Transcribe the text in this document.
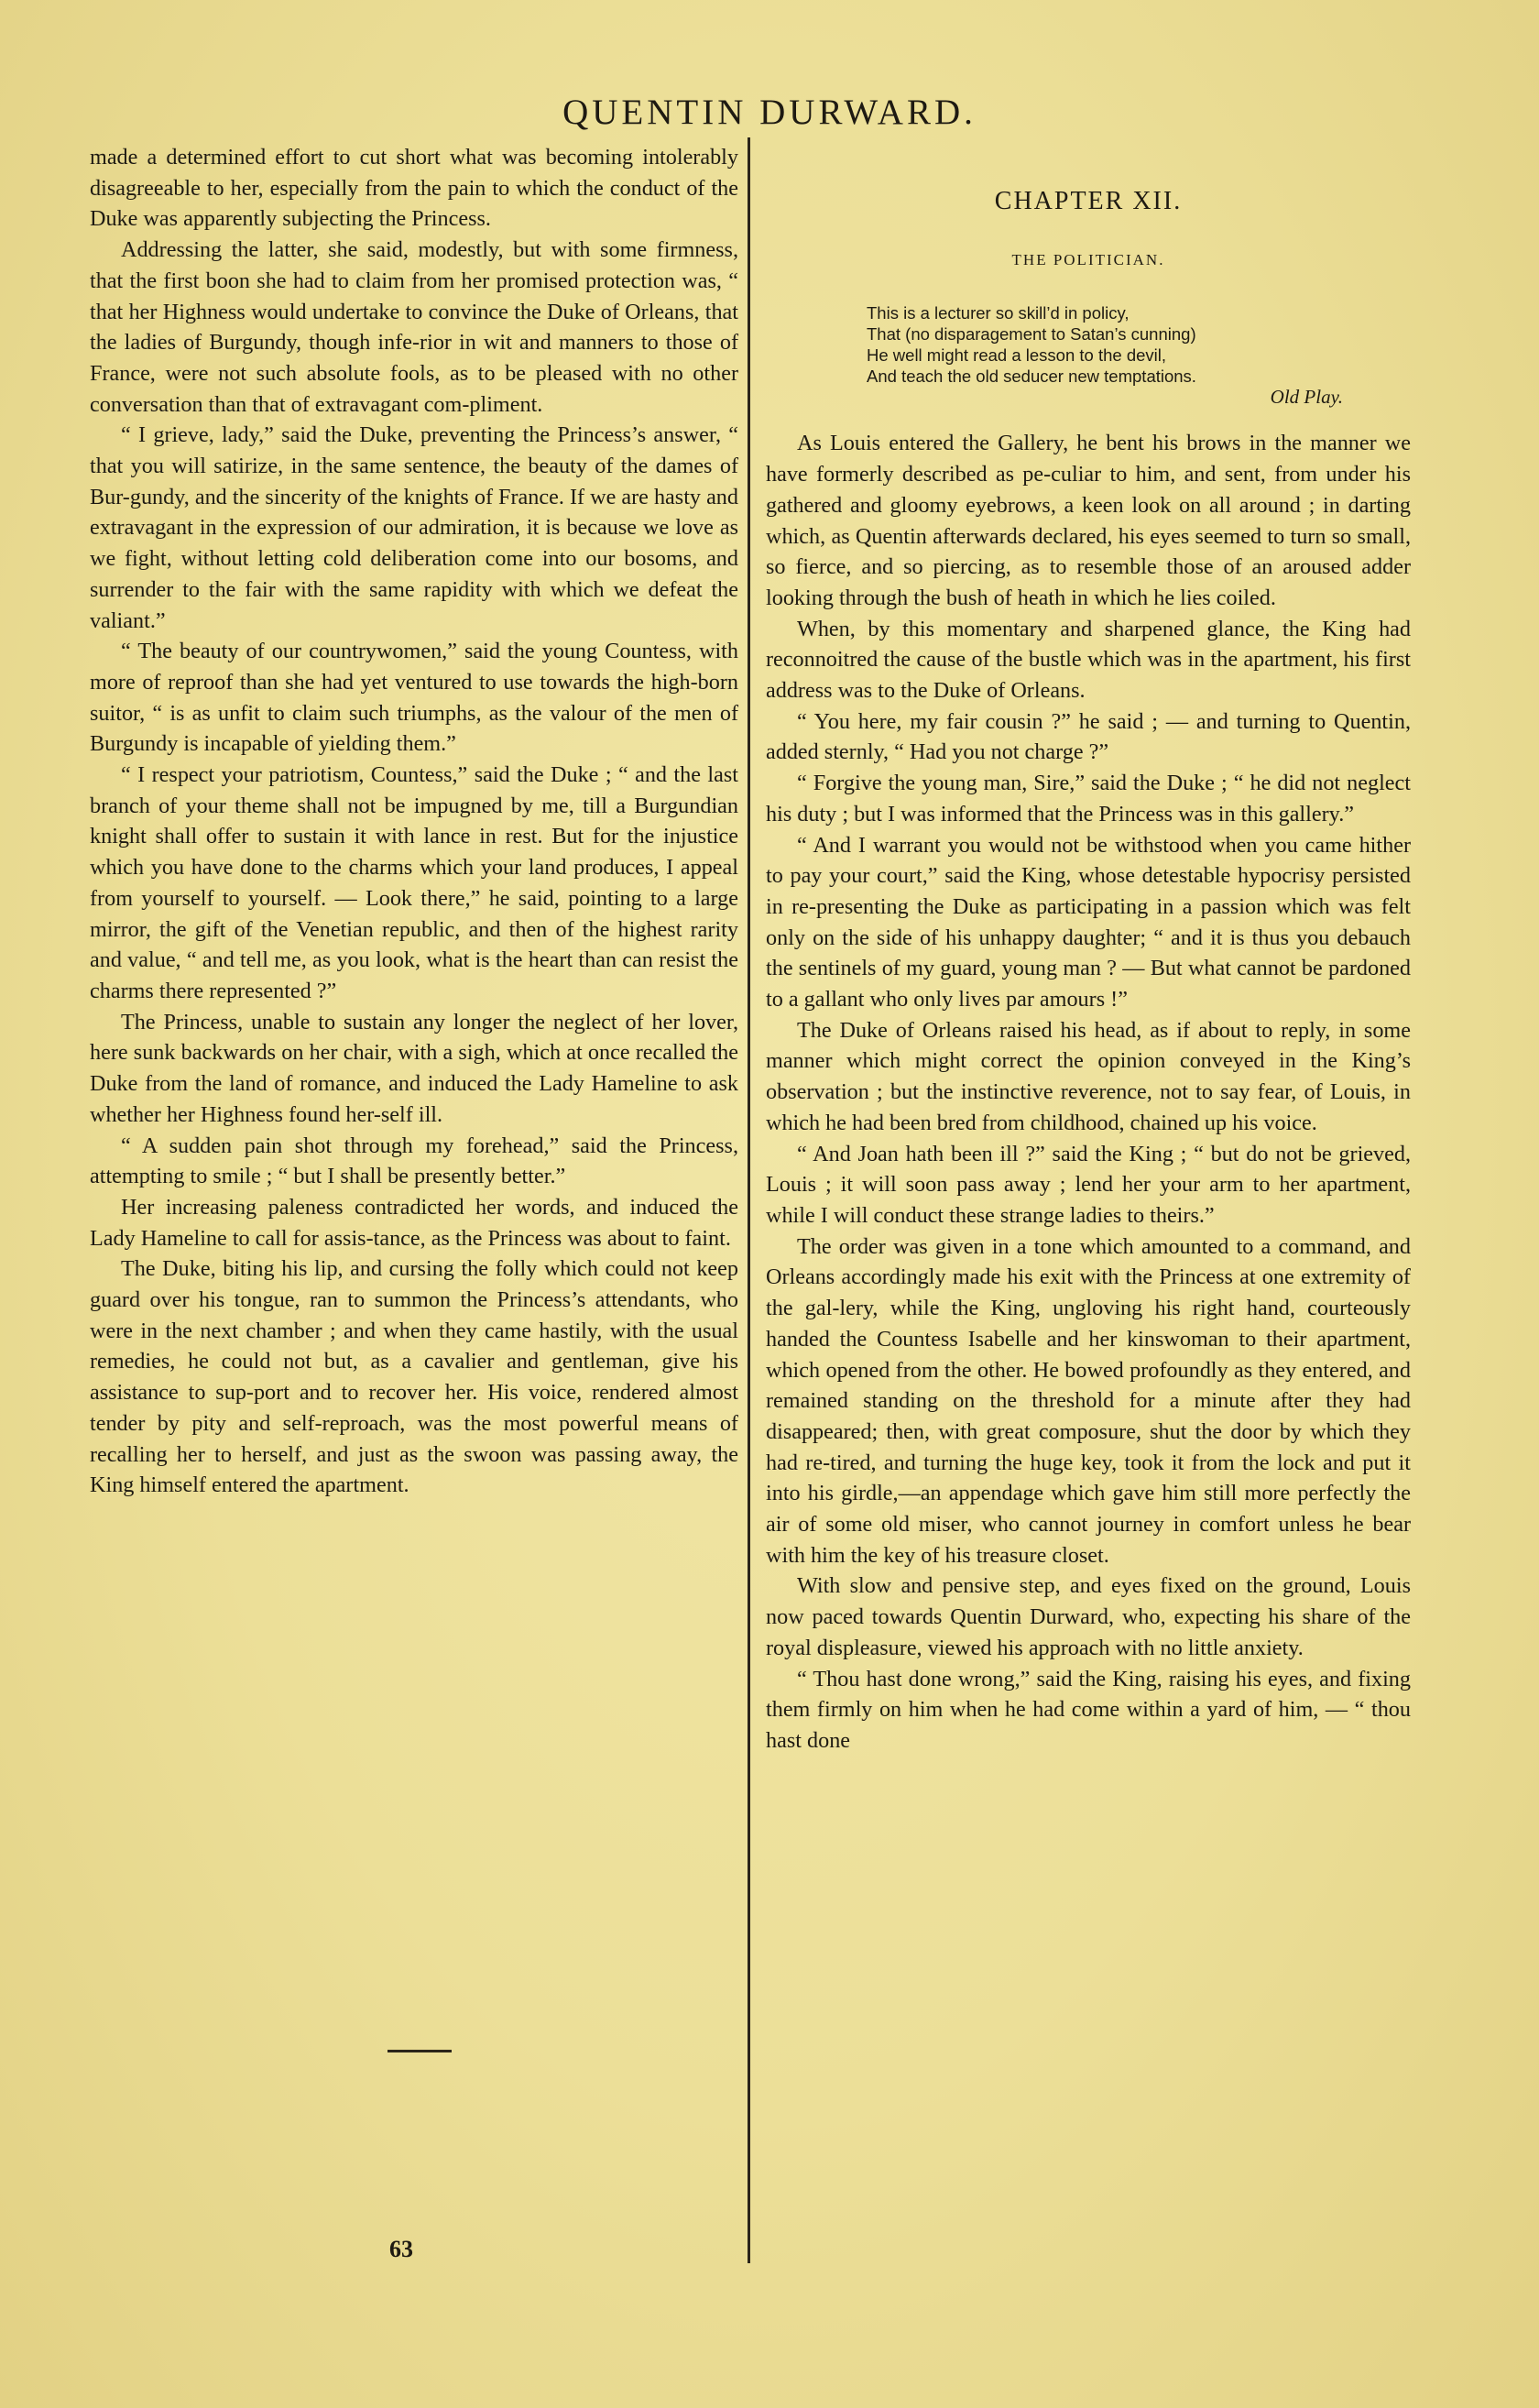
QUENTIN DURWARD.

made a determined effort to cut short what was becoming intolerably disagreeable to her, especially from the pain to which the conduct of the Duke was apparently subjecting the Princess.

Addressing the latter, she said, modestly, but with some firmness, that the first boon she had to claim from her promised protection was, “ that her Highness would undertake to convince the Duke of Orleans, that the ladies of Burgundy, though infe-rior in wit and manners to those of France, were not such absolute fools, as to be pleased with no other conversation than that of extravagant com-pliment.

“ I grieve, lady,” said the Duke, preventing the Princess’s answer, “ that you will satirize, in the same sentence, the beauty of the dames of Bur-gundy, and the sincerity of the knights of France. If we are hasty and extravagant in the expression of our admiration, it is because we love as we fight, without letting cold deliberation come into our bosoms, and surrender to the fair with the same rapidity with which we defeat the valiant.”

“ The beauty of our countrywomen,” said the young Countess, with more of reproof than she had yet ventured to use towards the high-born suitor, “ is as unfit to claim such triumphs, as the valour of the men of Burgundy is incapable of yielding them.”

“ I respect your patriotism, Countess,” said the Duke ; “ and the last branch of your theme shall not be impugned by me, till a Burgundian knight shall offer to sustain it with lance in rest. But for the injustice which you have done to the charms which your land produces, I appeal from yourself to yourself. — Look there,” he said, pointing to a large mirror, the gift of the Venetian republic, and then of the highest rarity and value, “ and tell me, as you look, what is the heart than can resist the charms there represented ?”

The Princess, unable to sustain any longer the neglect of her lover, here sunk backwards on her chair, with a sigh, which at once recalled the Duke from the land of romance, and induced the Lady Hameline to ask whether her Highness found her-self ill.

“ A sudden pain shot through my forehead,” said the Princess, attempting to smile ; “ but I shall be presently better.”

Her increasing paleness contradicted her words, and induced the Lady Hameline to call for assis-tance, as the Princess was about to faint.

The Duke, biting his lip, and cursing the folly which could not keep guard over his tongue, ran to summon the Princess’s attendants, who were in the next chamber ; and when they came hastily, with the usual remedies, he could not but, as a cavalier and gentleman, give his assistance to sup-port and to recover her. His voice, rendered almost tender by pity and self-reproach, was the most powerful means of recalling her to herself, and just as the swoon was passing away, the King himself entered the apartment.

CHAPTER XII.
THE POLITICIAN.
This is a lecturer so skill’d in policy,
That (no disparagement to Satan’s cunning)
He well might read a lesson to the devil,
And teach the old seducer new temptations.
Old Play.

As Louis entered the Gallery, he bent his brows in the manner we have formerly described as pe-culiar to him, and sent, from under his gathered and gloomy eyebrows, a keen look on all around ; in darting which, as Quentin afterwards declared, his eyes seemed to turn so small, so fierce, and so piercing, as to resemble those of an aroused adder looking through the bush of heath in which he lies coiled.

When, by this momentary and sharpened glance, the King had reconnoitred the cause of the bustle which was in the apartment, his first address was to the Duke of Orleans.

“ You here, my fair cousin ?” he said ; — and turning to Quentin, added sternly, “ Had you not charge ?”

“ Forgive the young man, Sire,” said the Duke ; “ he did not neglect his duty ; but I was informed that the Princess was in this gallery.”

“ And I warrant you would not be withstood when you came hither to pay your court,” said the King, whose detestable hypocrisy persisted in re-presenting the Duke as participating in a passion which was felt only on the side of his unhappy daughter; “ and it is thus you debauch the sentinels of my guard, young man ? — But what cannot be pardoned to a gallant who only lives par amours !”

The Duke of Orleans raised his head, as if about to reply, in some manner which might correct the opinion conveyed in the King’s observation ; but the instinctive reverence, not to say fear, of Louis, in which he had been bred from childhood, chained up his voice.

“ And Joan hath been ill ?” said the King ; “ but do not be grieved, Louis ; it will soon pass away ; lend her your arm to her apartment, while I will conduct these strange ladies to theirs.”

The order was given in a tone which amounted to a command, and Orleans accordingly made his exit with the Princess at one extremity of the gal-lery, while the King, ungloving his right hand, courteously handed the Countess Isabelle and her kinswoman to their apartment, which opened from the other. He bowed profoundly as they entered, and remained standing on the threshold for a minute after they had disappeared; then, with great composure, shut the door by which they had re-tired, and turning the huge key, took it from the lock and put it into his girdle,—an appendage which gave him still more perfectly the air of some old miser, who cannot journey in comfort unless he bear with him the key of his treasure closet.

With slow and pensive step, and eyes fixed on the ground, Louis now paced towards Quentin Durward, who, expecting his share of the royal displeasure, viewed his approach with no little anxiety.

“ Thou hast done wrong,” said the King, raising his eyes, and fixing them firmly on him when he had come within a yard of him, — “ thou hast done

63
